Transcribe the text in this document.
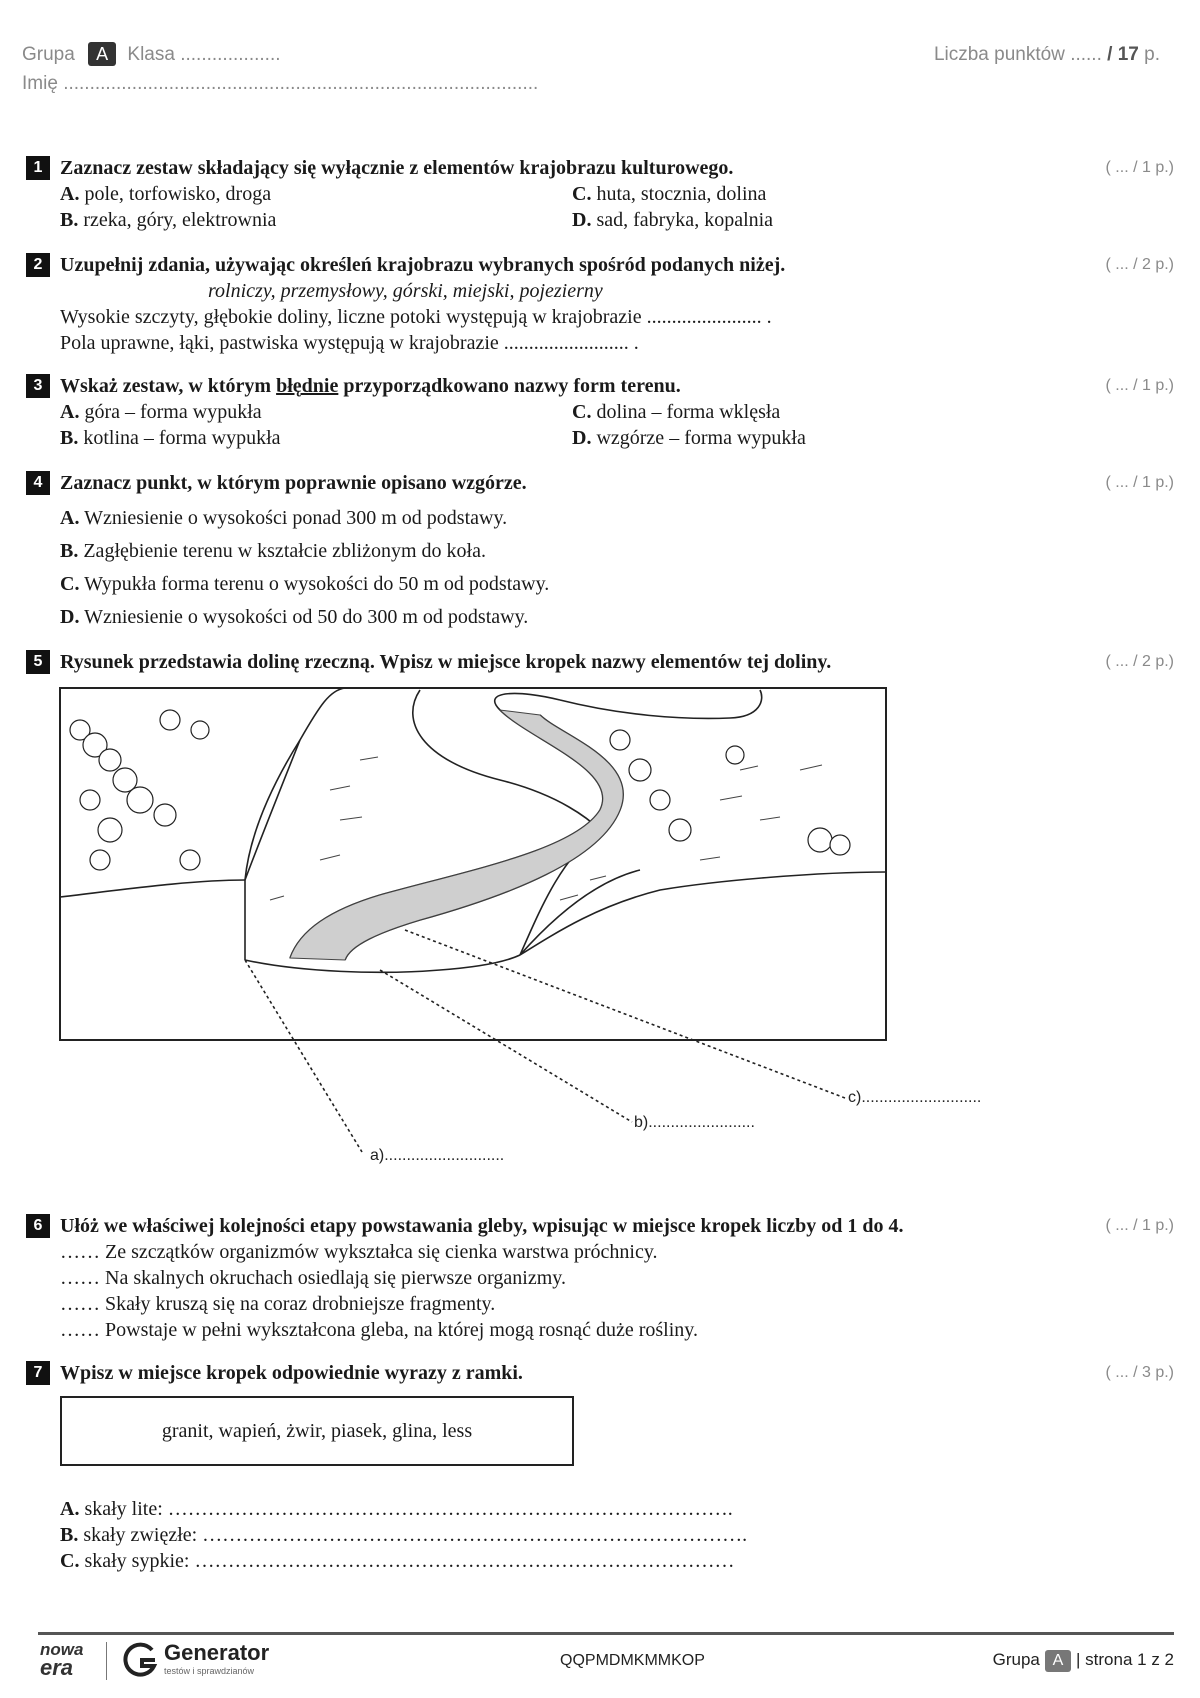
Grupa A Klasa ...................
Imię ..........................................................................................
Liczba punktów ...... / 17 p.
1 Zaznacz zestaw składający się wyłącznie z elementów krajobrazu kulturowego.	( ... / 1 p.)
A. pole, torfowisko, droga	C. huta, stocznia, dolina
B. rzeka, góry, elektrownia	D. sad, fabryka, kopalnia
2 Uzupełnij zdania, używając określeń krajobrazu wybranych spośród podanych niżej.	( ... / 2 p.)
rolniczy, przemysłowy, górski, miejski, pojezierny
Wysokie szczyty, głębokie doliny, liczne potoki występują w krajobrazie ....................... .
Pola uprawne, łąki, pastwiska występują w krajobrazie ......................... .
3 Wskaż zestaw, w którym błędnie przyporządkowano nazwy form terenu.	( ... / 1 p.)
A. góra – forma wypukła	C. dolina – forma wklęsła
B. kotlina – forma wypukła	D. wzgórze – forma wypukła
4 Zaznacz punkt, w którym poprawnie opisano wzgórze.	( ... / 1 p.)
A. Wzniesienie o wysokości ponad 300 m od podstawy.
B. Zagłębienie terenu w kształcie zbliżonym do koła.
C. Wypukła forma terenu o wysokości do 50 m od podstawy.
D. Wzniesienie o wysokości od 50 do 300 m od podstawy.
5 Rysunek przedstawia dolinę rzeczną. Wpisz w miejsce kropek nazwy elementów tej doliny.	( ... / 2 p.)
a)...........................
b)........................
c)...........................
6 Ułóż we właściwej kolejności etapy powstawania gleby, wpisując w miejsce kropek liczby od 1 do 4.	( ... / 1 p.)
…… Ze szczątków organizmów wykształca się cienka warstwa próchnicy.
…… Na skalnych okruchach osiedlają się pierwsze organizmy.
…… Skały kruszą się na coraz drobniejsze fragmenty.
…… Powstaje w pełni wykształcona gleba, na której mogą rosnąć duże rośliny.
7 Wpisz w miejsce kropek odpowiednie wyrazy z ramki.	( ... / 3 p.)
granit, wapień, żwir, piasek, glina, less
A. skały lite: ………………………………………………………………………….
B. skały zwięzłe: ……………………………………………………………………….
C. skały sypkie: ………………………………………………………………………
nowa
era
Generator
testów i sprawdzianów
QQPMDMKMMKOP	Grupa A | strona 1 z 2
